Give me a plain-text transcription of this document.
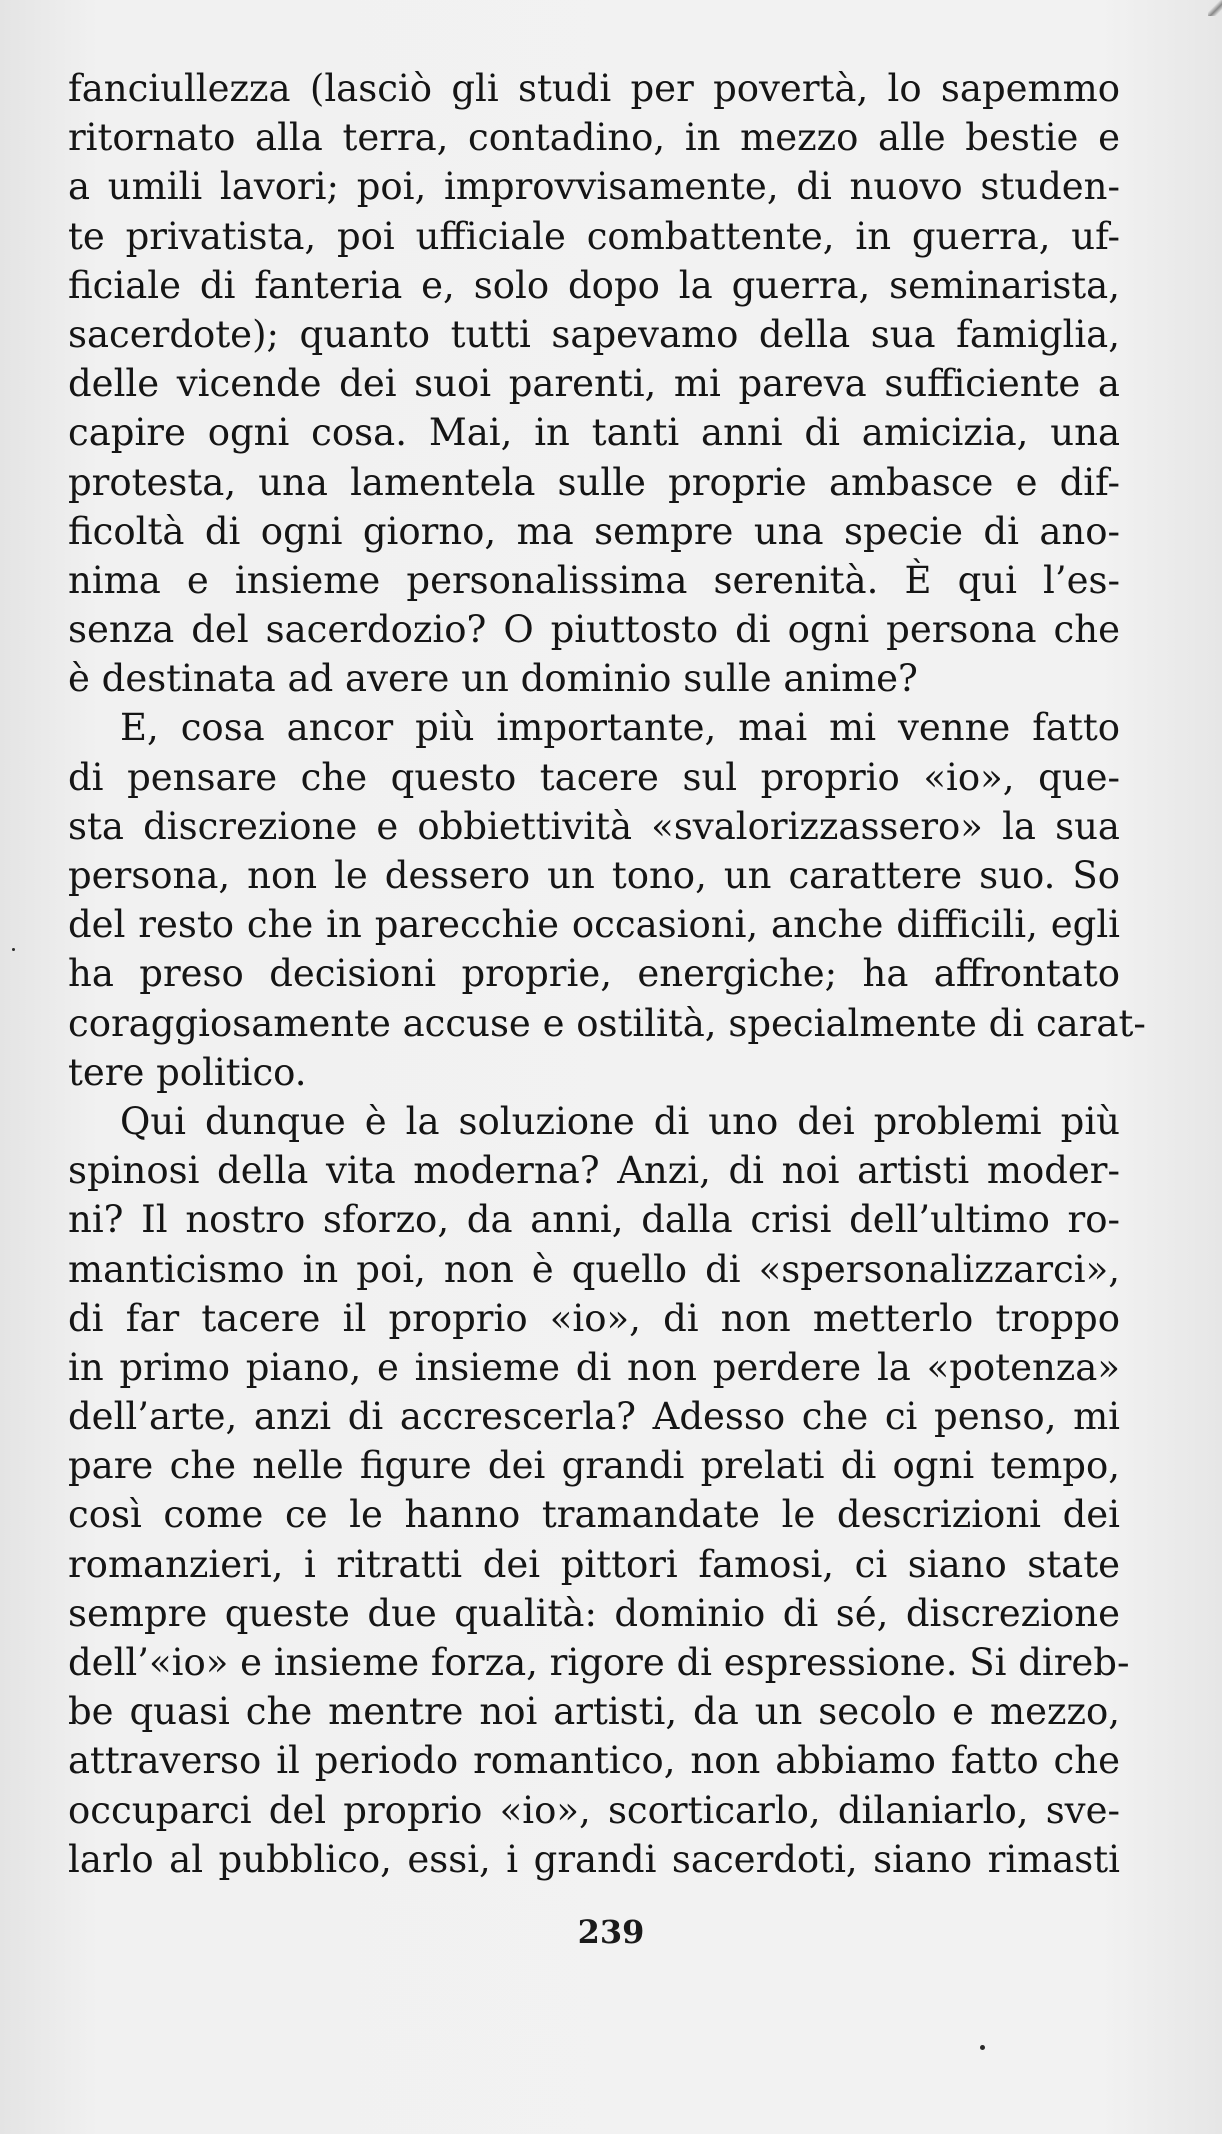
fanciullezza (lasciò gli studi per povertà, lo sapemmo
ritornato alla terra, contadino, in mezzo alle bestie e
a umili lavori; poi, improvvisamente, di nuovo studen-
te privatista, poi ufficiale combattente, in guerra, uf-
ficiale di fanteria e, solo dopo la guerra, seminarista,
sacerdote); quanto tutti sapevamo della sua famiglia,
delle vicende dei suoi parenti, mi pareva sufficiente a
capire ogni cosa. Mai, in tanti anni di amicizia, una
protesta, una lamentela sulle proprie ambasce e dif-
ficoltà di ogni giorno, ma sempre una specie di ano-
nima e insieme personalissima serenità. È qui l’es-
senza del sacerdozio? O piuttosto di ogni persona che
è destinata ad avere un dominio sulle anime?
E, cosa ancor più importante, mai mi venne fatto
di pensare che questo tacere sul proprio «io», que-
sta discrezione e obbiettività «svalorizzassero» la sua
persona, non le dessero un tono, un carattere suo. So
del resto che in parecchie occasioni, anche difficili, egli
ha preso decisioni proprie, energiche; ha affrontato
coraggiosamente accuse e ostilità, specialmente di carat-
tere politico.
Qui dunque è la soluzione di uno dei problemi più
spinosi della vita moderna? Anzi, di noi artisti moder-
ni? Il nostro sforzo, da anni, dalla crisi dell’ultimo ro-
manticismo in poi, non è quello di «spersonalizzarci»,
di far tacere il proprio «io», di non metterlo troppo
in primo piano, e insieme di non perdere la «potenza»
dell’arte, anzi di accrescerla? Adesso che ci penso, mi
pare che nelle figure dei grandi prelati di ogni tempo,
così come ce le hanno tramandate le descrizioni dei
romanzieri, i ritratti dei pittori famosi, ci siano state
sempre queste due qualità: dominio di sé, discrezione
dell’«io» e insieme forza, rigore di espressione. Si direb-
be quasi che mentre noi artisti, da un secolo e mezzo,
attraverso il periodo romantico, non abbiamo fatto che
occuparci del proprio «io», scorticarlo, dilaniarlo, sve-
larlo al pubblico, essi, i grandi sacerdoti, siano rimasti
239
